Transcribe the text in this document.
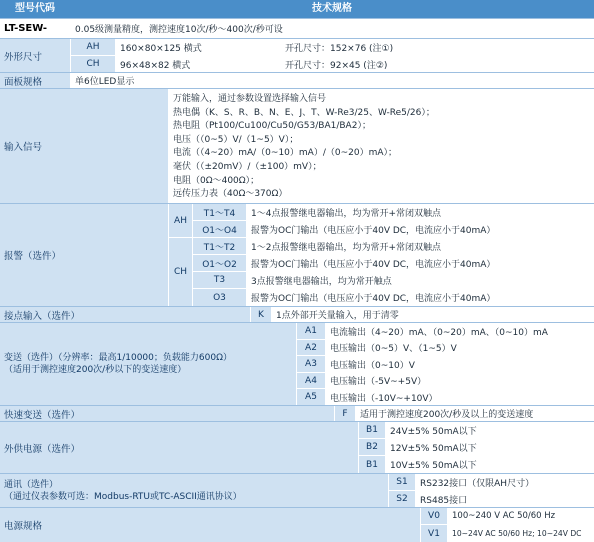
型号代码	技术规格
LT-SEW-	0.05级测量精度，测控速度10次/秒～400次/秒可设
外形尺寸
AH	160×80×125 横式	开孔尺寸：152×76 (注①)
CH	96×48×82 横式	开孔尺寸：92×45 (注②)
面板规格	单6位LED显示
输入信号
万能输入，通过参数设置选择输入信号
热电偶（K、S、R、B、N、E、J、T、W-Re3/25、W-Re5/26）；
热电阻（Pt100/Cu100/Cu50/G53/BA1/BA2）；
电压（（0~5）V/（1~5）V）；
电流（（4~20）mA/（0~10）mA）/（0~20）mA）；
毫伏（（±20mV）/（±100）mV）；
电阻（0Ω～400Ω）；
远传压力表（40Ω～370Ω）
报警（选件）
AH
T1～T4	1～4点报警继电器输出，均为常开+常闭双触点
O1～O4	报警为OC门输出（电压应小于40V DC，电流应小于40mA）
CH
T1～T2	1～2点报警继电器输出，均为常开+常闭双触点
O1～O2	报警为OC门输出（电压应小于40V DC，电流应小于40mA）
T3	3点报警继电器输出，均为常开触点
O3	报警为OC门输出（电压应小于40V DC，电流应小于40mA）
接点输入（选件）	K	1点外部开关量输入，用于清零
变送（选件）（分辨率：最高1/10000；负载能力600Ω）
（适用于测控速度200次/秒以下的变送速度）
A1	电流输出（4~20）mA、（0~20）mA、（0~10）mA
A2	电压输出（0~5）V、（1~5）V
A3	电压输出（0~10）V
A4	电压输出（-5V~+5V）
A5	电压输出（-10V~+10V）
快速变送（选件）	F	适用于测控速度200次/秒及以上的变送速度
外供电源（选件）
B1	24V±5% 50mA以下
B2	12V±5% 50mA以下
B1	10V±5% 50mA以下
通讯（选件）
（通过仪表参数可选：Modbus-RTU或TC-ASCII通讯协议）
S1	RS232接口（仅限AH尺寸）
S2	RS485接口
电源规格
V0	100~240 V AC 50/60 Hz
V1	10~24V AC 50/60 Hz; 10~24V DC
